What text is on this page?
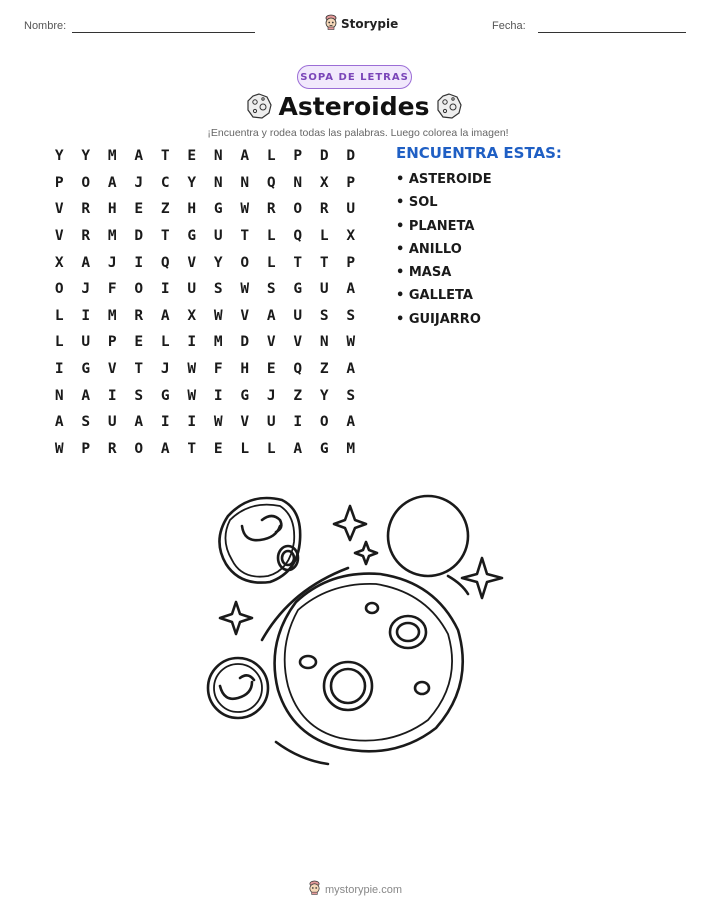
Nombre:	Storypie	Fecha:
SOPA DE LETRAS
Asteroides
¡Encuentra y rodea todas las palabras. Luego colorea la imagen!
Y	Y	M	A	T	E	N	A	L	P	D	D
P	O	A	J	C	Y	N	N	Q	N	X	P
V	R	H	E	Z	H	G	W	R	O	R	U
V	R	M	D	T	G	U	T	L	Q	L	X
X	A	J	I	Q	V	Y	O	L	T	T	P
O	J	F	O	I	U	S	W	S	G	U	A
L	I	M	R	A	X	W	V	A	U	S	S
L	U	P	E	L	I	M	D	V	V	N	W
I	G	V	T	J	W	F	H	E	Q	Z	A
N	A	I	S	G	W	I	G	J	Z	Y	S
A	S	U	A	I	I	W	V	U	I	O	A
W	P	R	O	A	T	E	L	L	A	G	M
ENCUENTRA ESTAS:
• ASTEROIDE
• SOL
• PLANETA
• ANILLO
• MASA
• GALLETA
• GUIJARRO
mystorypie.com
